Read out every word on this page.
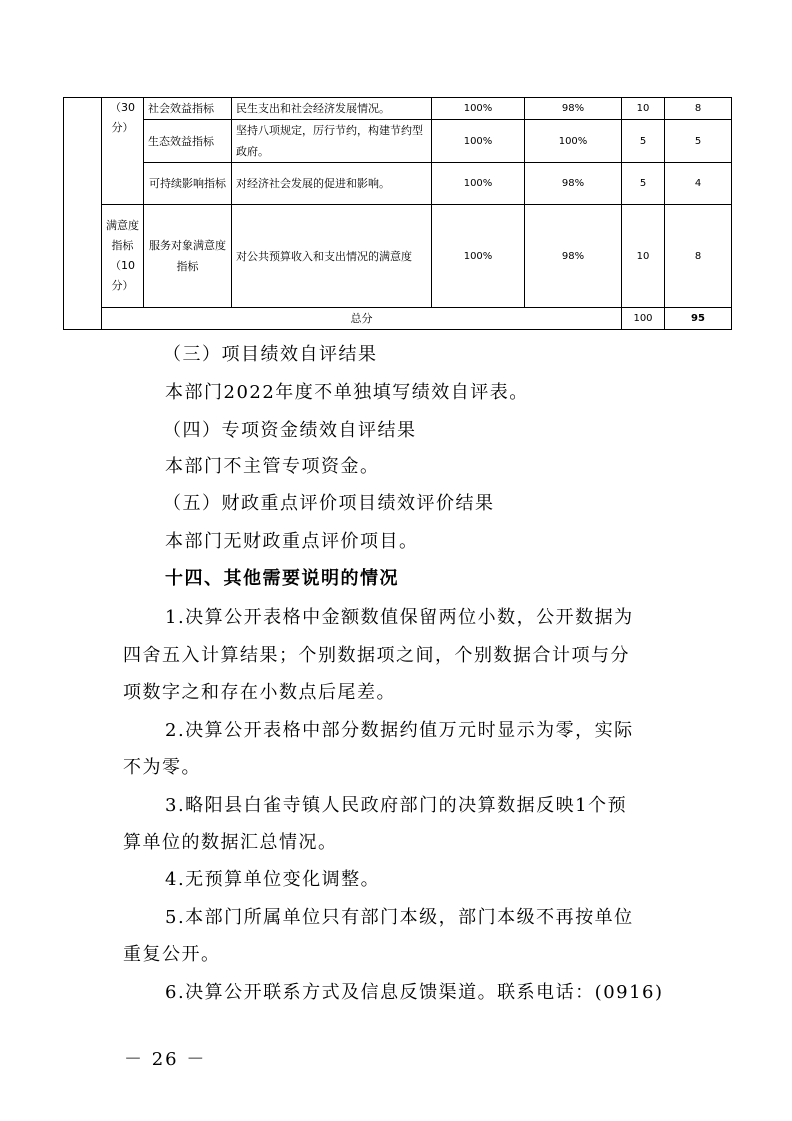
	（30分）	社会效益指标	民生支出和社会经济发展情况。	100%	98%	10	8
		生态效益指标	坚持八项规定，厉行节约，构建节约型政府。	100%	100%	5	5
		可持续影响指标	对经济社会发展的促进和影响。	100%	98%	5	4
	满意度指标（10分）	服务对象满意度指标	对公共预算收入和支出情况的满意度	100%	98%	10	8
	总分					100	95

（三）项目绩效自评结果

本部门2022年度不单独填写绩效自评表。

（四）专项资金绩效自评结果

本部门不主管专项资金。

（五）财政重点评价项目绩效评价结果

本部门无财政重点评价项目。

十四、其他需要说明的情况

1.决算公开表格中金额数值保留两位小数，公开数据为

四舍五入计算结果；个别数据项之间，个别数据合计项与分

项数字之和存在小数点后尾差。

2.决算公开表格中部分数据约值万元时显示为零，实际

不为零。

3.略阳县白雀寺镇人民政府部门的决算数据反映1个预

算单位的数据汇总情况。

4.无预算单位变化调整。

5.本部门所属单位只有部门本级，部门本级不再按单位

重复公开。

6.决算公开联系方式及信息反馈渠道。联系电话：(0916)

－ 26 －
